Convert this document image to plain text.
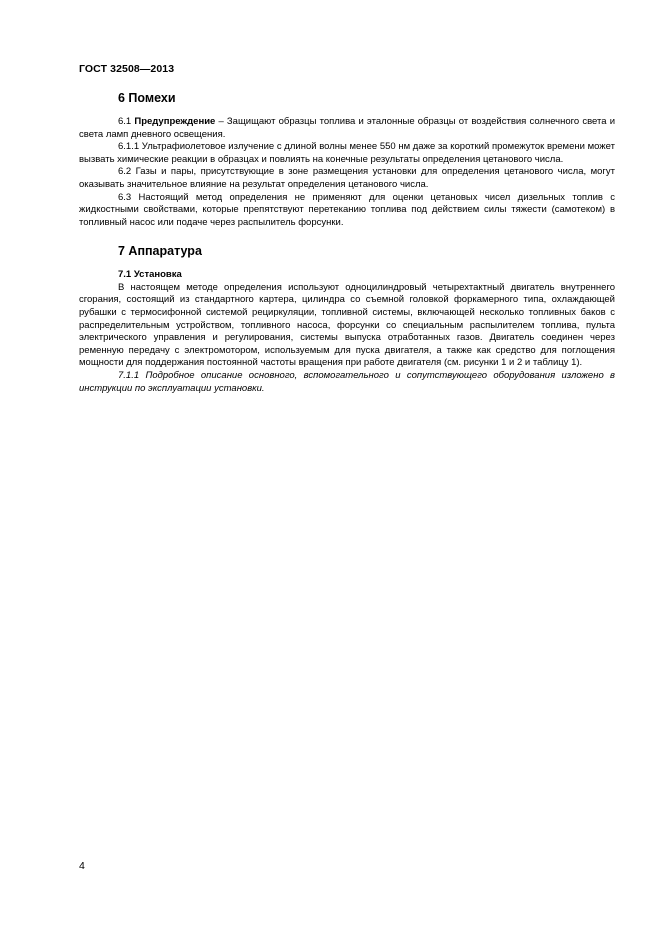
ГОСТ 32508—2013
6 Помехи

6.1 Предупреждение – Защищают образцы топлива и эталонные образцы от воздействия солнечного света и света ламп дневного освещения.

6.1.1 Ультрафиолетовое излучение с длиной волны менее 550 нм даже за короткий промежуток времени может вызвать химические реакции в образцах и повлиять на конечные результаты определения цетанового числа.

6.2 Газы и пары, присутствующие в зоне размещения установки для определения цетанового числа, могут оказывать значительное влияние на результат определения цетанового числа.

6.3 Настоящий метод определения не применяют для оценки цетановых чисел дизельных топлив с жидкостными свойствами, которые препятствуют перетеканию топлива под действием силы тяжести (самотеком) в топливный насос или подаче через распылитель форсунки.

7 Аппаратура
7.1 Установка

В настоящем методе определения используют одноцилиндровый четырехтактный двигатель внутреннего сгорания, состоящий из стандартного картера, цилиндра со съемной головкой форкамерного типа, охлаждающей рубашки с термосифонной системой рециркуляции, топливной системы, включающей несколько топливных баков с распределительным устройством, топливного насоса, форсунки со специальным распылителем топлива, пульта электрического управления и регулирования, системы выпуска отработанных газов. Двигатель соединен через ременную передачу с электромотором, используемым для пуска двигателя, а также как средство для поглощения мощности для поддержания постоянной частоты вращения при работе двигателя (см. рисунки 1 и 2 и таблицу 1).

7.1.1 Подробное описание основного, вспомогательного и сопутствующего оборудования изложено в инструкции по эксплуатации установки.

4
